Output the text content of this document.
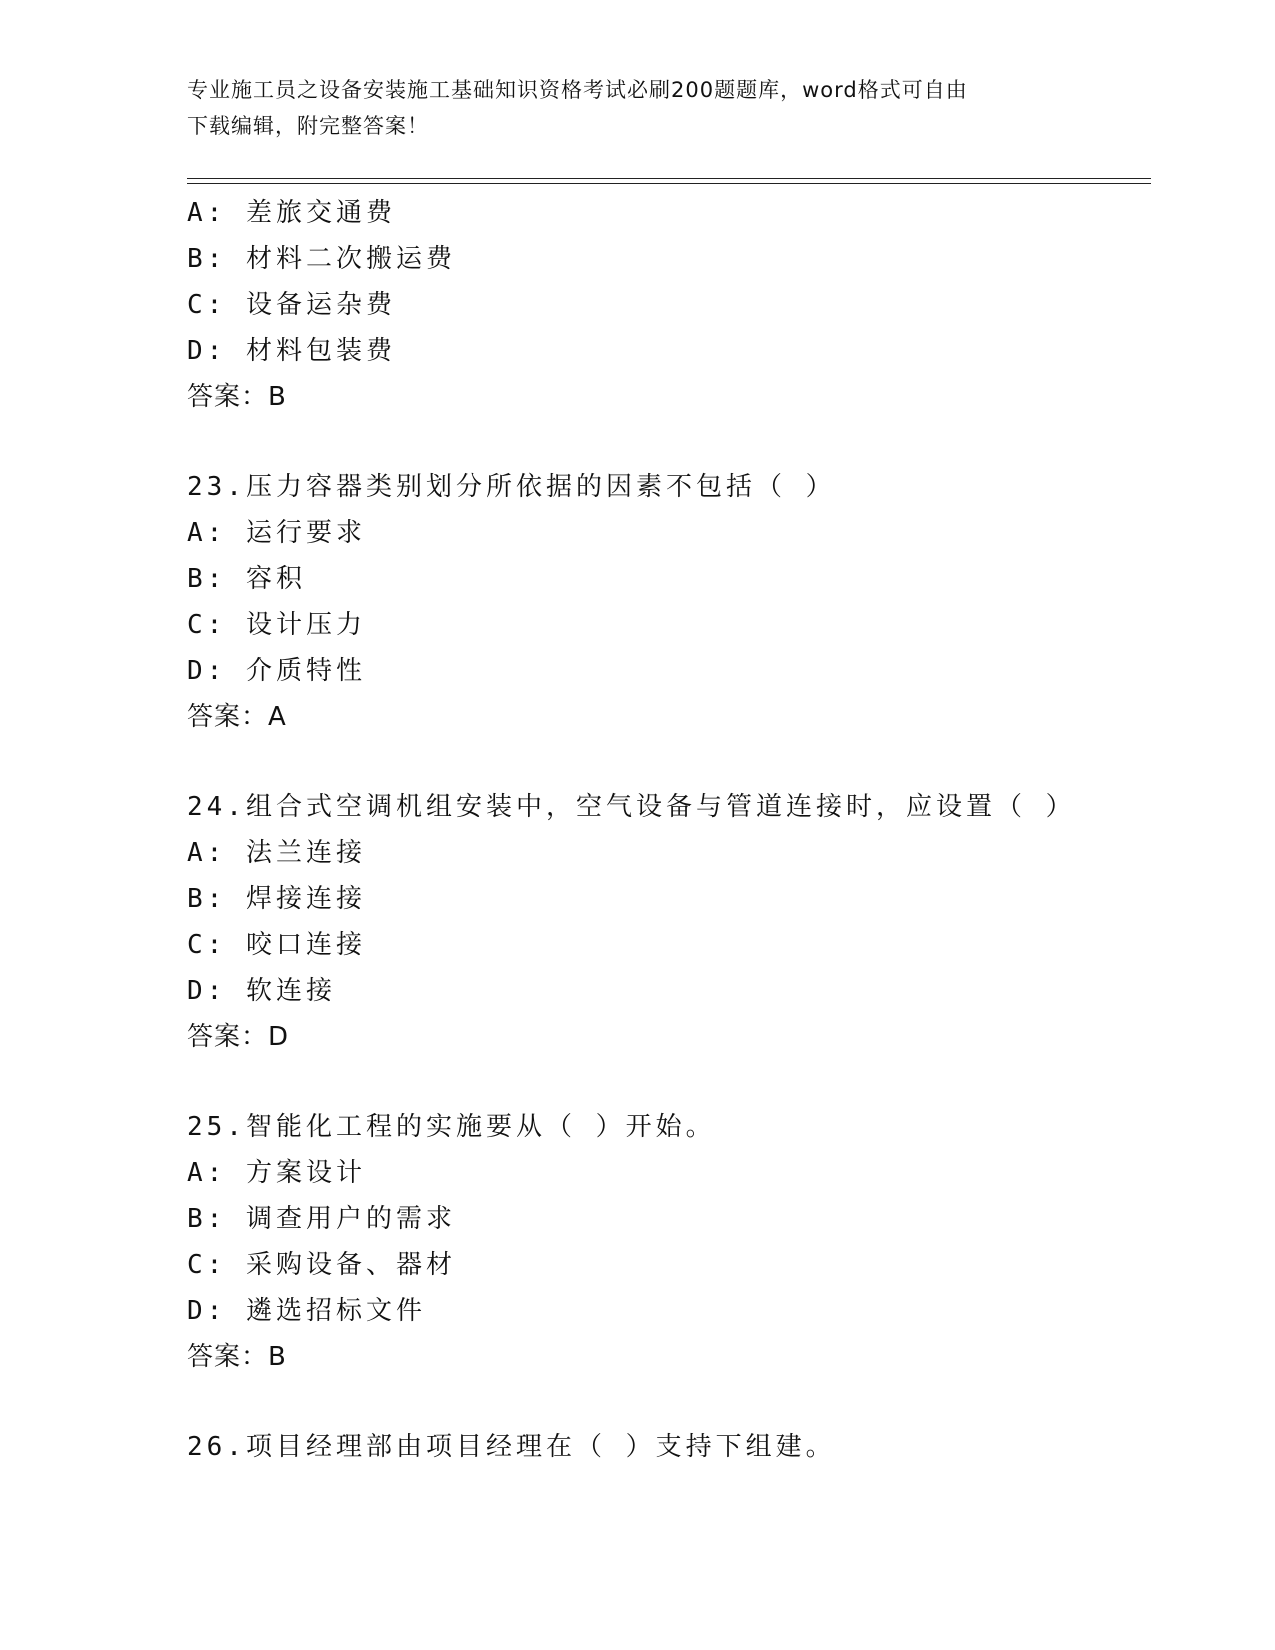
专业施工员之设备安装施工基础知识资格考试必刷200题题库，word格式可自由
下载编辑，附完整答案！
A: 差旅交通费
B: 材料二次搬运费
C: 设备运杂费
D: 材料包装费
答案：B
23.压力容器类别划分所依据的因素不包括（ ）
A: 运行要求
B: 容积
C: 设计压力
D: 介质特性
答案：A
24.组合式空调机组安装中，空气设备与管道连接时，应设置（ ）
A: 法兰连接
B: 焊接连接
C: 咬口连接
D: 软连接
答案：D
25.智能化工程的实施要从（ ）开始。
A: 方案设计
B: 调查用户的需求
C: 采购设备、器材
D: 遴选招标文件
答案：B
26.项目经理部由项目经理在（ ）支持下组建。
